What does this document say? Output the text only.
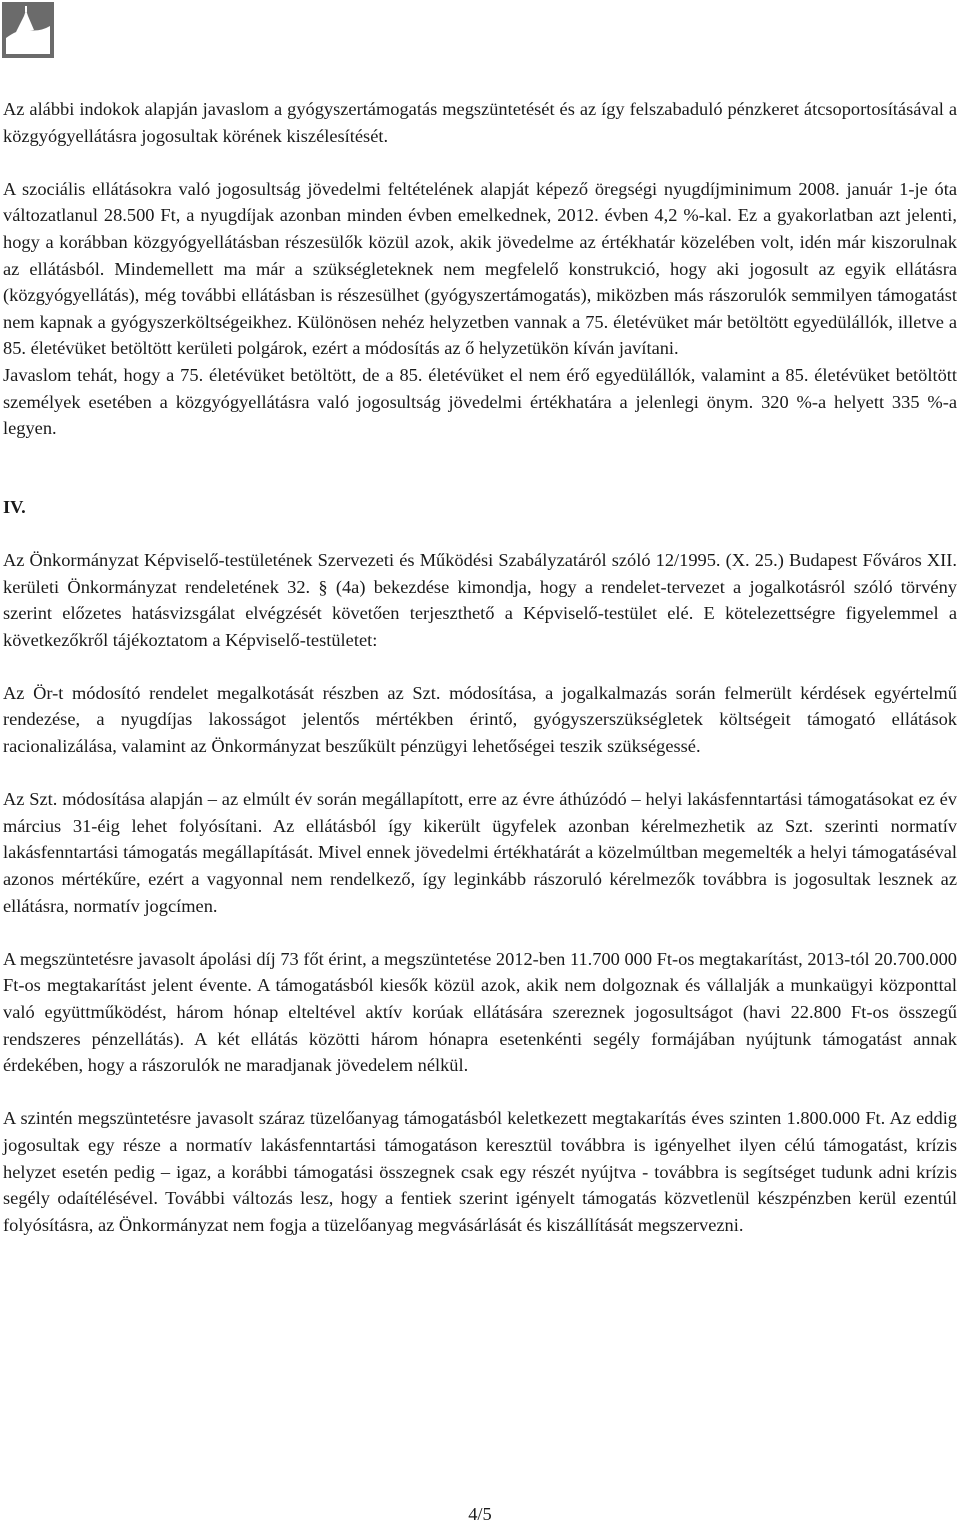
Az alábbi indokok alapján javaslom a gyógyszertámogatás megszüntetését és az így felszabaduló pénzkeret átcsoportosításával a közgyógyellátásra jogosultak körének kiszélesítését.

A szociális ellátásokra való jogosultság jövedelmi feltételének alapját képező öregségi nyugdíjminimum 2008. január 1-je óta változatlanul 28.500 Ft, a nyugdíjak azonban minden évben emelkednek, 2012. évben 4,2 %-kal. Ez a gyakorlatban azt jelenti, hogy a korábban közgyógyellátásban részesülők közül azok, akik jövedelme az értékhatár közelében volt, idén már kiszorulnak az ellátásból. Mindemellett ma már a szükségleteknek nem megfelelő konstrukció, hogy aki jogosult az egyik ellátásra (közgyógyellátás), még további ellátásban is részesülhet (gyógyszertámogatás), miközben más rászorulók semmilyen támogatást nem kapnak a gyógyszerköltségeikhez. Különösen nehéz helyzetben vannak a 75. életévüket már betöltött egyedülállók, illetve a 85. életévüket betöltött kerületi polgárok, ezért a módosítás az ő helyzetükön kíván javítani.

Javaslom tehát, hogy a 75. életévüket betöltött, de a 85. életévüket el nem érő egyedülállók, valamint a 85. életévüket betöltött személyek esetében a közgyógyellátásra való jogosultság jövedelmi értékhatára a jelenlegi önym. 320 %-a helyett 335 %-a legyen.

IV.

Az Önkormányzat Képviselő-testületének Szervezeti és Működési Szabályzatáról szóló 12/1995. (X. 25.) Budapest Főváros XII. kerületi Önkormányzat rendeletének 32. § (4a) bekezdése kimondja, hogy a rendelet-tervezet a jogalkotásról szóló törvény szerint előzetes hatásvizsgálat elvégzését követően terjeszthető a Képviselő-testület elé. E kötelezettségre figyelemmel a következőkről tájékoztatom a Képviselő-testületet:

Az Ör-t módosító rendelet megalkotását részben az Szt. módosítása, a jogalkalmazás során felmerült kérdések egyértelmű rendezése, a nyugdíjas lakosságot jelentős mértékben érintő, gyógyszerszükségletek költségeit támogató ellátások racionalizálása, valamint az Önkormányzat beszűkült pénzügyi lehetőségei teszik szükségessé.

Az Szt. módosítása alapján – az elmúlt év során megállapított, erre az évre áthúzódó – helyi lakásfenntartási támogatásokat ez év március 31-éig lehet folyósítani. Az ellátásból így kikerült ügyfelek azonban kérelmezhetik az Szt. szerinti normatív lakásfenntartási támogatás megállapítását. Mivel ennek jövedelmi értékhatárát a közelmúltban megemelték a helyi támogatáséval azonos mértékűre, ezért a vagyonnal nem rendelkező, így leginkább rászoruló kérelmezők továbbra is jogosultak lesznek az ellátásra, normatív jogcímen.

A megszüntetésre javasolt ápolási díj 73 főt érint, a megszüntetése 2012-ben 11.700 000 Ft-os megtakarítást, 2013-tól 20.700.000 Ft-os megtakarítást jelent évente. A támogatásból kiesők közül azok, akik nem dolgoznak és vállalják a munkaügyi központtal való együttműködést, három hónap elteltével aktív korúak ellátására szereznek jogosultságot (havi 22.800 Ft-os összegű rendszeres pénzellátás). A két ellátás közötti három hónapra esetenkénti segély formájában nyújtunk támogatást annak érdekében, hogy a rászorulók ne maradjanak jövedelem nélkül.

A szintén megszüntetésre javasolt száraz tüzelőanyag támogatásból keletkezett megtakarítás éves szinten 1.800.000 Ft. Az eddig jogosultak egy része a normatív lakásfenntartási támogatáson keresztül továbbra is igényelhet ilyen célú támogatást, krízis helyzet esetén pedig – igaz, a korábbi támogatási összegnek csak egy részét nyújtva - továbbra is segítséget tudunk adni krízis segély odaítélésével. További változás lesz, hogy a fentiek szerint igényelt támogatás közvetlenül készpénzben kerül ezentúl folyósításra, az Önkormányzat nem fogja a tüzelőanyag megvásárlását és kiszállítását megszervezni.

4/5
